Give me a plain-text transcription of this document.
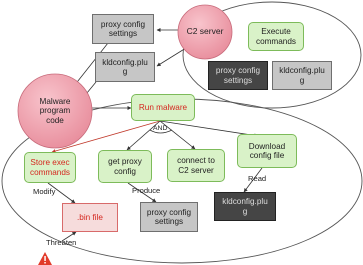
C2 server
Malware
program
code
proxy config
settings
kldconfig.plu
g
Execute
commands
proxy config
settings
kldconfig.plu
g
Run malware
Store exec
commands
get proxy
config
connect to
C2 server
Download
config file
.bin file
proxy config
settings
kldconfig.plu
g
AND
Modify	Produce
Read
Threaten
